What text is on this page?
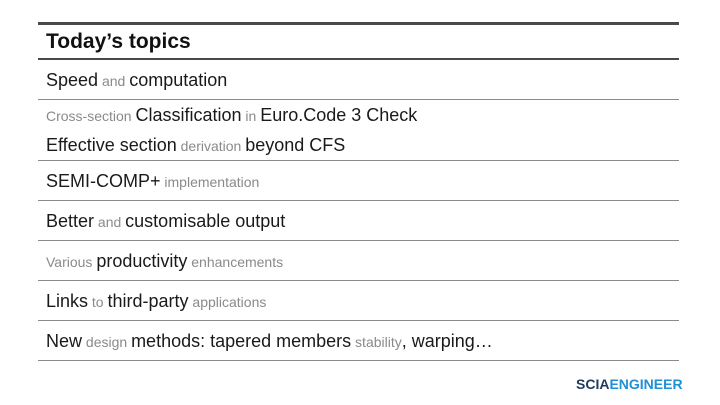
Today’s topics
Speed and computation
Cross-section Classification in Euro.Code 3 Check
Effective section derivation beyond CFS
SEMI-COMP+ implementation
Better and customisable output
Various productivity enhancements
Links to third-party applications
New design methods: tapered members stability, warping…
SCIAENGINEER
